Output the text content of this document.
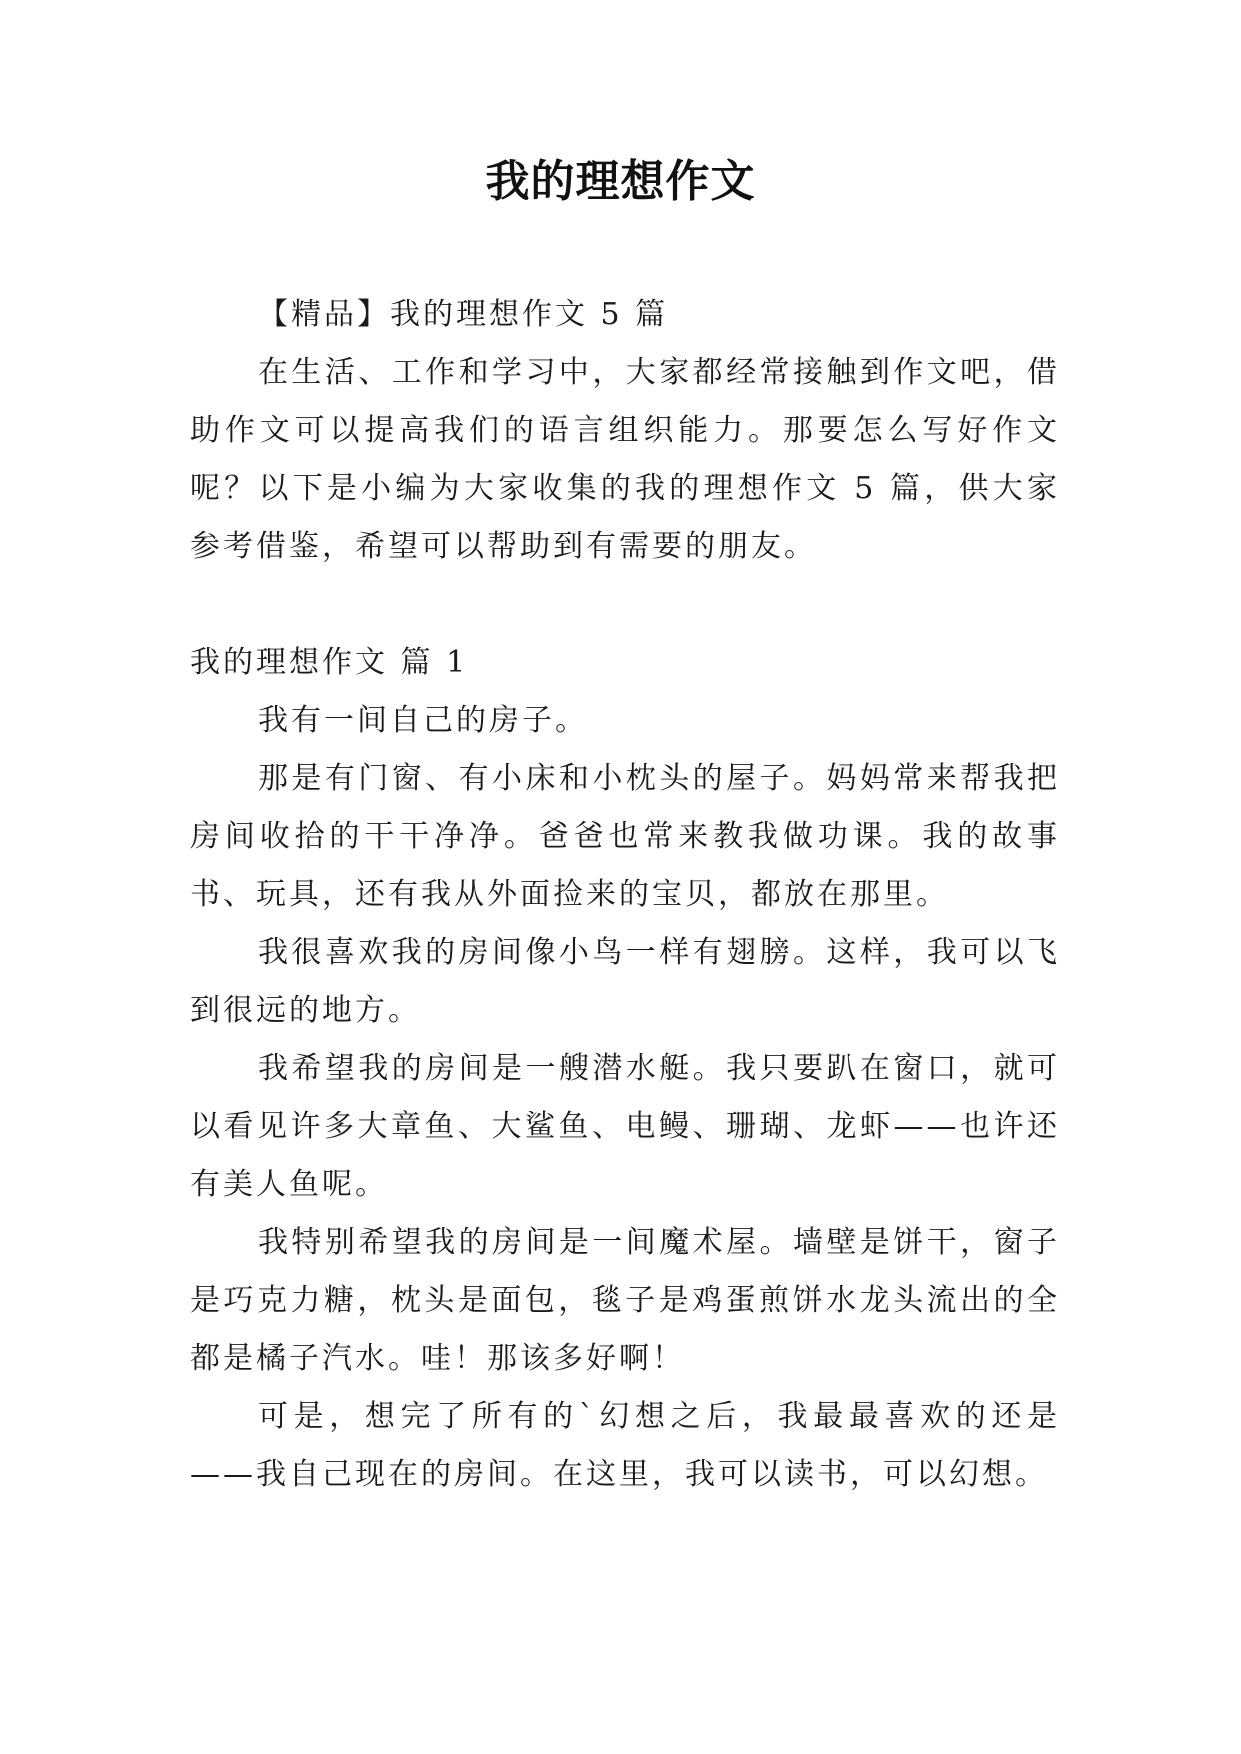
我的理想作文

【精品】我的理想作文 5 篇

在生活、工作和学习中，大家都经常接触到作文吧，借助作文可以提高我们的语言组织能力。那要怎么写好作文呢？以下是小编为大家收集的我的理想作文 5 篇，供大家参考借鉴，希望可以帮助到有需要的朋友。

我的理想作文 篇 1

我有一间自己的房子。

那是有门窗、有小床和小枕头的屋子。妈妈常来帮我把房间收拾的干干净净。爸爸也常来教我做功课。我的故事书、玩具，还有我从外面捡来的宝贝，都放在那里。

我很喜欢我的房间像小鸟一样有翅膀。这样，我可以飞到很远的地方。

我希望我的房间是一艘潜水艇。我只要趴在窗口，就可以看见许多大章鱼、大鲨鱼、电鳗、珊瑚、龙虾——也许还有美人鱼呢。

我特别希望我的房间是一间魔术屋。墙壁是饼干，窗子是巧克力糖，枕头是面包，毯子是鸡蛋煎饼水龙头流出的全都是橘子汽水。哇！那该多好啊！

可是，想完了所有的`幻想之后，我最最喜欢的还是——我自己现在的房间。在这里，我可以读书，可以幻想。
